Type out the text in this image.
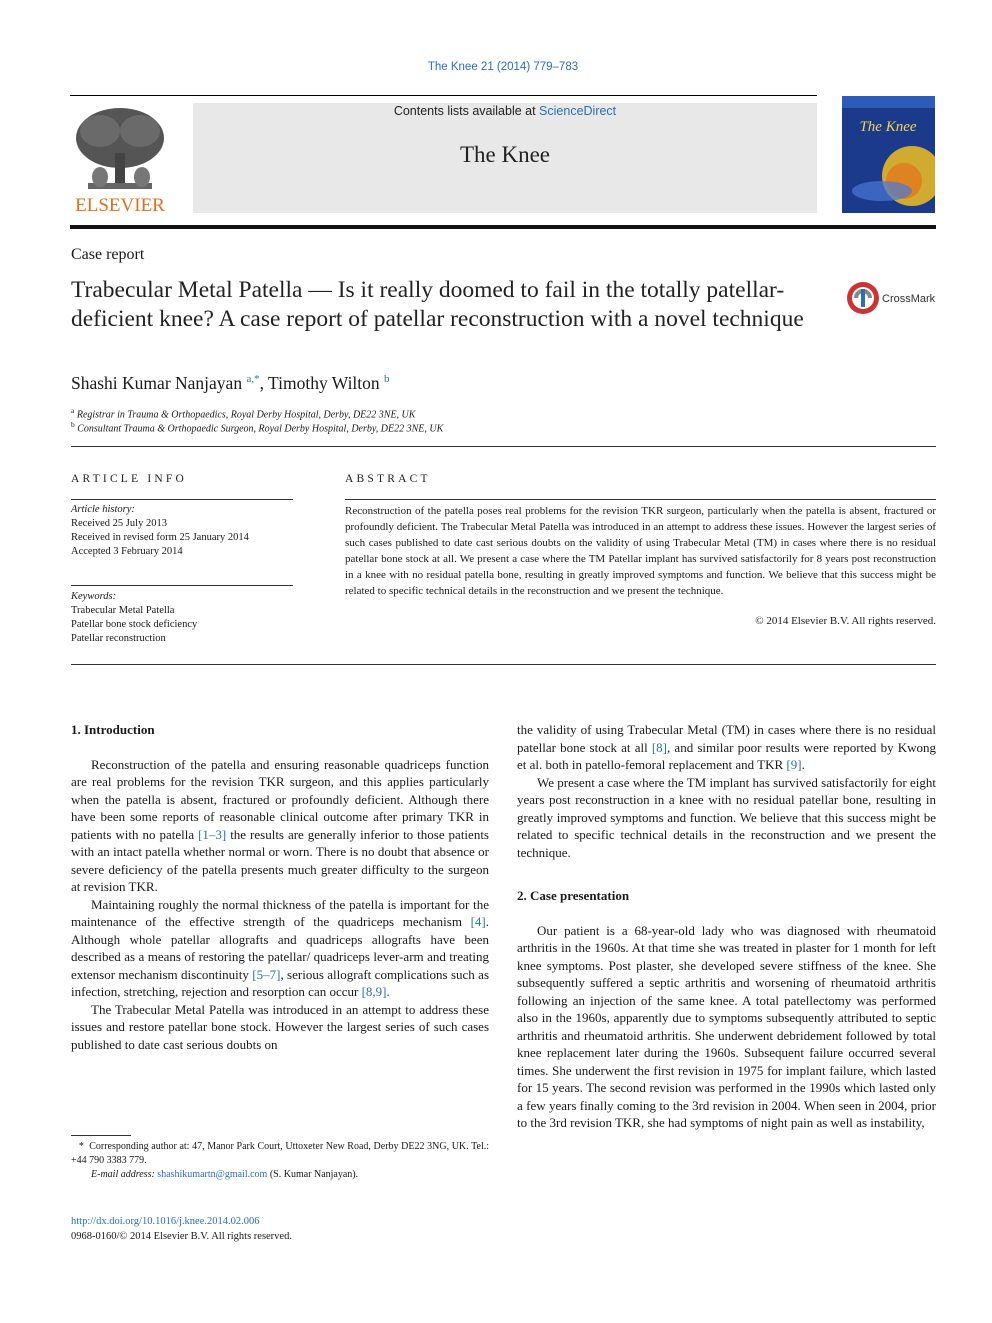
The Knee 21 (2014) 779–783
ELSEVIER
Contents lists available at ScienceDirect
The Knee
The Knee
Case report
Trabecular Metal Patella — Is it really doomed to fail in the totally patellar-deficient knee? A case report of patellar reconstruction with a novel technique
CrossMark
Shashi Kumar Nanjayan $^{a,*}$, Timothy Wilton $^b$
$^a$ Registrar in Trauma & Orthopaedics, Royal Derby Hospital, Derby, DE22 3NE, UK
$^b$ Consultant Trauma & Orthopaedic Surgeon, Royal Derby Hospital, Derby, DE22 3NE, UK
ARTICLE INFO
Article history:
Received 25 July 2013
Received in revised form 25 January 2014
Accepted 3 February 2014
Keywords:
Trabecular Metal Patella
Patellar bone stock deficiency
Patellar reconstruction
ABSTRACT
Reconstruction of the patella poses real problems for the revision TKR surgeon, particularly when the patella is absent, fractured or profoundly deficient. The Trabecular Metal Patella was introduced in an attempt to address these issues. However the largest series of such cases published to date cast serious doubts on the validity of using Trabecular Metal (TM) in cases where there is no residual patellar bone stock at all. We present a case where the TM Patellar implant has survived satisfactorily for 8 years post reconstruction in a knee with no residual patella bone, resulting in greatly improved symptoms and function. We believe that this success might be related to specific technical details in the reconstruction and we present the technique.
© 2014 Elsevier B.V. All rights reserved.

1. Introduction

Reconstruction of the patella and ensuring reasonable quadriceps function are real problems for the revision TKR surgeon, and this applies particularly when the patella is absent, fractured or profoundly deficient. Although there have been some reports of reasonable clinical outcome after primary TKR in patients with no patella [1–3] the results are generally inferior to those patients with an intact patella whether normal or worn. There is no doubt that absence or severe deficiency of the patella presents much greater difficulty to the surgeon at revision TKR.

Maintaining roughly the normal thickness of the patella is important for the maintenance of the effective strength of the quadriceps mechanism [4]. Although whole patellar allografts and quadriceps allografts have been described as a means of restoring the patellar/ quadriceps lever-arm and treating extensor mechanism discontinuity [5–7], serious allograft complications such as infection, stretching, rejection and resorption can occur [8,9].

The Trabecular Metal Patella was introduced in an attempt to address these issues and restore patellar bone stock. However the largest series of such cases published to date cast serious doubts on

the validity of using Trabecular Metal (TM) in cases where there is no residual patellar bone stock at all [8], and similar poor results were reported by Kwong et al. both in patello-femoral replacement and TKR [9].

We present a case where the TM implant has survived satisfactorily for eight years post reconstruction in a knee with no residual patellar bone, resulting in greatly improved symptoms and function. We believe that this success might be related to specific technical details in the reconstruction and we present the technique.

2. Case presentation

Our patient is a 68-year-old lady who was diagnosed with rheumatoid arthritis in the 1960s. At that time she was treated in plaster for 1 month for left knee symptoms. Post plaster, she developed severe stiffness of the knee. She subsequently suffered a septic arthritis and worsening of rheumatoid arthritis following an injection of the same knee. A total patellectomy was performed also in the 1960s, apparently due to symptoms subsequently attributed to septic arthritis and rheumatoid arthritis. She underwent debridement followed by total knee replacement later during the 1960s. Subsequent failure occurred several times. She underwent the first revision in 1975 for implant failure, which lasted for 15 years. The second revision was performed in the 1990s which lasted only a few years finally coming to the 3rd revision in 2004. When seen in 2004, prior to the 3rd revision TKR, she had symptoms of night pain as well as instability,

* Corresponding author at: 47, Manor Park Court, Uttoxeter New Road, Derby DE22 3NG, UK. Tel.: +44 790 3383 779.
E-mail address: shashikumartn@gmail.com (S. Kumar Nanjayan).
http://dx.doi.org/10.1016/j.knee.2014.02.006
0968-0160/© 2014 Elsevier B.V. All rights reserved.
